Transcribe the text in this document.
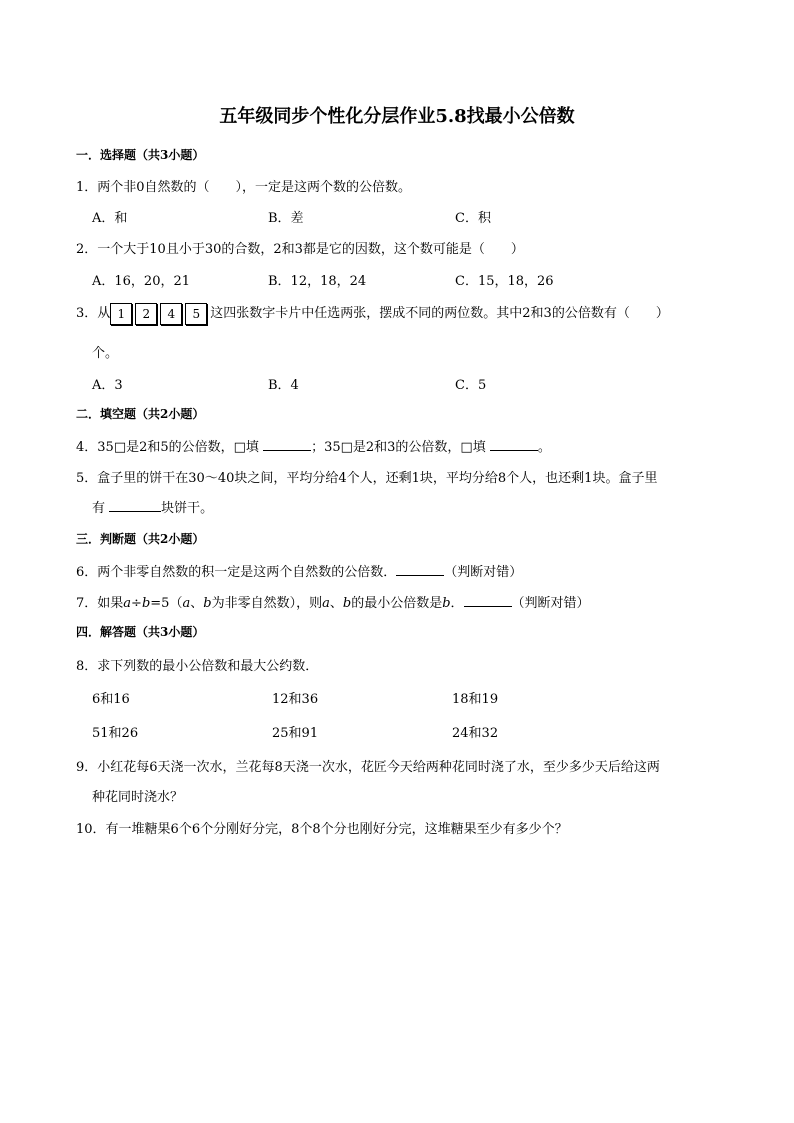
五年级同步个性化分层作业5.8找最小公倍数
一．选择题（共3小题）
1．两个非0自然数的（　　），一定是这两个数的公倍数。
A．和	B．差	C．积
2．一个大于10且小于30的合数，2和3都是它的因数，这个数可能是（　　）
A．16，20，21	B．12，18，24	C．15，18，26
3．从 1 2 4 5 这四张数字卡片中任选两张，摆成不同的两位数。其中2和3的公倍数有（　　）
个。
A．3	B．4	C．5
二．填空题（共2小题）
4．35□是2和5的公倍数，□填	；35□是2和3的公倍数，□填	。
5．盒子里的饼干在30～40块之间，平均分给4个人，还剩1块，平均分给8个人，也还剩1块。盒子里
有	块饼干。
三．判断题（共2小题）
6．两个非零自然数的积一定是这两个自然数的公倍数．	（判断对错）
7．如果a÷b=5（a、b为非零自然数），则a、b的最小公倍数是b．	（判断对错）
四．解答题（共3小题）
8．求下列数的最小公倍数和最大公约数．
6和16	12和36	18和19
51和26	25和91	24和32
9．小红花每6天浇一次水，兰花每8天浇一次水，花匠今天给两种花同时浇了水，至少多少天后给这两
种花同时浇水？
10．有一堆糖果6个6个分刚好分完，8个8个分也刚好分完，这堆糖果至少有多少个？
